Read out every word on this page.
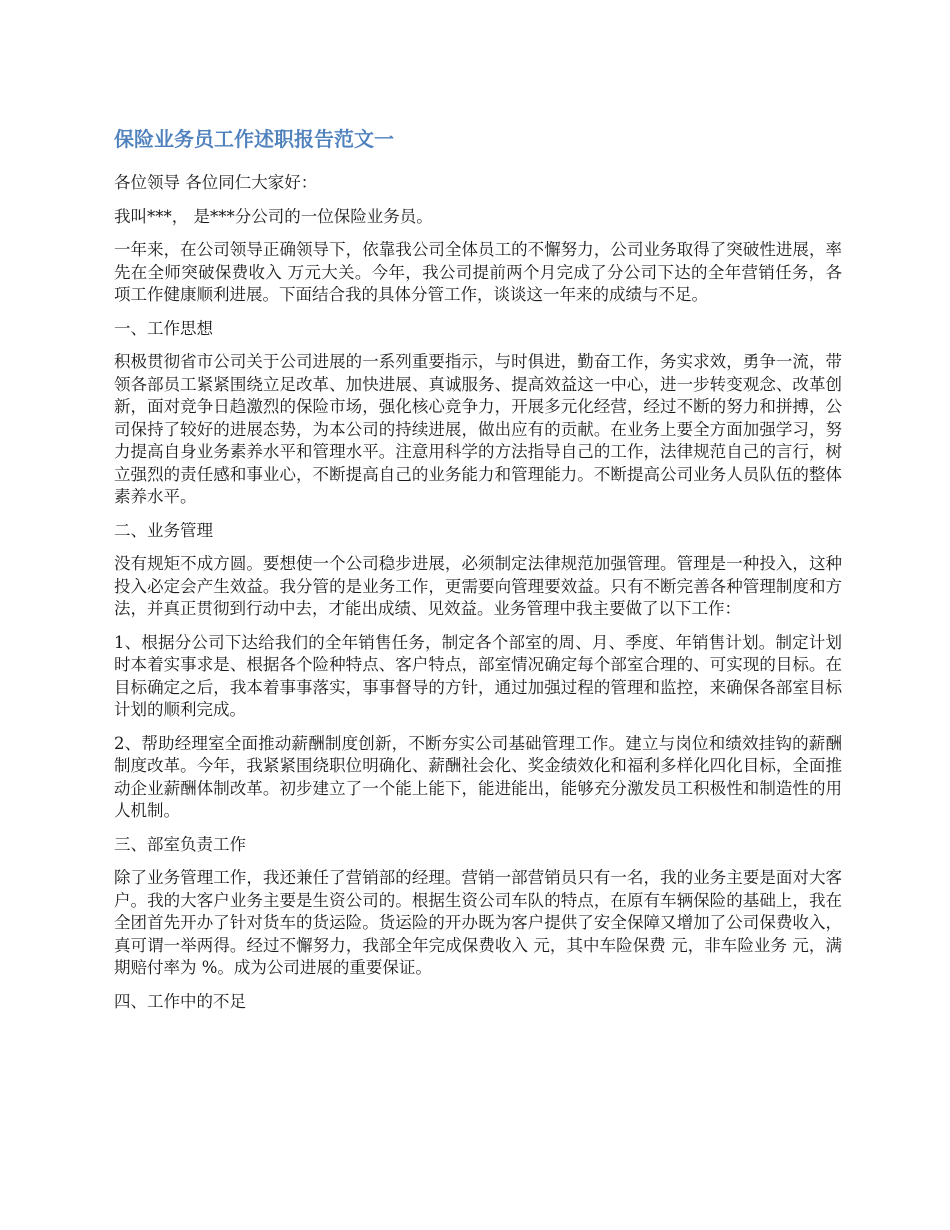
保险业务员工作述职报告范文一

各位领导 各位同仁大家好：

我叫***， 是***分公司的一位保险业务员。

一年来，在公司领导正确领导下，依靠我公司全体员工的不懈努力，公司业务取得了突破性进展，率先在全师突破保费收入 万元大关。今年，我公司提前两个月完成了分公司下达的全年营销任务，各项工作健康顺利进展。下面结合我的具体分管工作，谈谈这一年来的成绩与不足。

一、工作思想

积极贯彻省市公司关于公司进展的一系列重要指示，与时俱进，勤奋工作，务实求效，勇争一流，带领各部员工紧紧围绕立足改革、加快进展、真诚服务、提高效益这一中心，进一步转变观念、改革创新，面对竞争日趋激烈的保险市场，强化核心竞争力，开展多元化经营，经过不断的努力和拼搏，公司保持了较好的进展态势，为本公司的持续进展，做出应有的贡献。在业务上要全方面加强学习，努力提高自身业务素养水平和管理水平。注意用科学的方法指导自己的工作，法律规范自己的言行，树立强烈的责任感和事业心，不断提高自己的业务能力和管理能力。不断提高公司业务人员队伍的整体素养水平。

二、业务管理

没有规矩不成方圆。要想使一个公司稳步进展，必须制定法律规范加强管理。管理是一种投入，这种投入必定会产生效益。我分管的是业务工作，更需要向管理要效益。只有不断完善各种管理制度和方法，并真正贯彻到行动中去，才能出成绩、见效益。业务管理中我主要做了以下工作：

1、根据分公司下达给我们的全年销售任务，制定各个部室的周、月、季度、年销售计划。制定计划时本着实事求是、根据各个险种特点、客户特点，部室情况确定每个部室合理的、可实现的目标。在目标确定之后，我本着事事落实，事事督导的方针，通过加强过程的管理和监控，来确保各部室目标计划的顺利完成。

2、帮助经理室全面推动薪酬制度创新，不断夯实公司基础管理工作。建立与岗位和绩效挂钩的薪酬制度改革。今年，我紧紧围绕职位明确化、薪酬社会化、奖金绩效化和福利多样化四化目标，全面推动企业薪酬体制改革。初步建立了一个能上能下，能进能出，能够充分激发员工积极性和制造性的用人机制。

三、部室负责工作

除了业务管理工作，我还兼任了营销部的经理。营销一部营销员只有一名，我的业务主要是面对大客户。我的大客户业务主要是生资公司的。根据生资公司车队的特点，在原有车辆保险的基础上，我在全团首先开办了针对货车的货运险。货运险的开办既为客户提供了安全保障又增加了公司保费收入，真可谓一举两得。经过不懈努力，我部全年完成保费收入 元，其中车险保费 元，非车险业务 元，满期赔付率为 %。成为公司进展的重要保证。

四、工作中的不足
